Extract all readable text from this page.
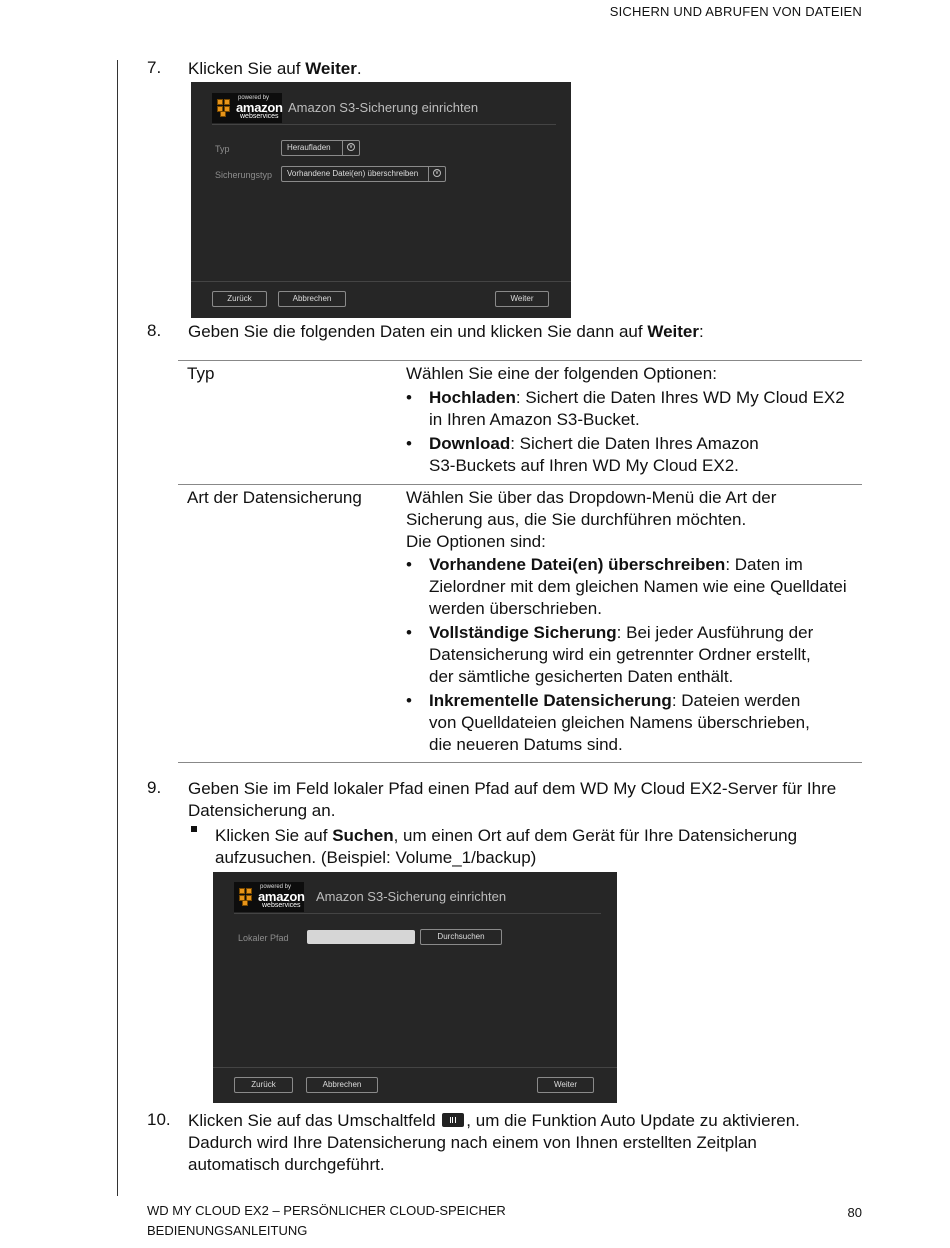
SICHERN UND ABRUFEN VON DATEIEN
7. Klicken Sie auf Weiter.
powered by
amazon
webservices
Amazon S3-Sicherung einrichten
Typ	Heraufladen	v
Sicherungstyp	Vorhandene Datei(en) überschreiben	v
Zurück	Abbrechen	Weiter
8. Geben Sie die folgenden Daten ein und klicken Sie dann auf Weiter:
Typ	Wählen Sie eine der folgenden Optionen:
• Hochladen: Sichert die Daten Ihres WD My Cloud EX2
in Ihren Amazon S3-Bucket.
• Download: Sichert die Daten Ihres Amazon
S3-Buckets auf Ihren WD My Cloud EX2.
Art der Datensicherung	Wählen Sie über das Dropdown-Menü die Art der
Sicherung aus, die Sie durchführen möchten.
Die Optionen sind:
• Vorhandene Datei(en) überschreiben: Daten im
Zielordner mit dem gleichen Namen wie eine Quelldatei
werden überschrieben.
• Vollständige Sicherung: Bei jeder Ausführung der
Datensicherung wird ein getrennter Ordner erstellt,
der sämtliche gesicherten Daten enthält.
• Inkrementelle Datensicherung: Dateien werden
von Quelldateien gleichen Namens überschrieben,
die neueren Datums sind.
9. Geben Sie im Feld lokaler Pfad einen Pfad auf dem WD My Cloud EX2-Server für Ihre
Datensicherung an.
Klicken Sie auf Suchen, um einen Ort auf dem Gerät für Ihre Datensicherung
aufzusuchen. (Beispiel: Volume_1/backup)
powered by
amazon
webservices
Amazon S3-Sicherung einrichten
Lokaler Pfad	Durchsuchen
Zurück	Abbrechen	Weiter
10. Klicken Sie auf das Umschaltfeld
, um die Funktion Auto Update zu aktivieren.
Dadurch wird Ihre Datensicherung nach einem von Ihnen erstellten Zeitplan
automatisch durchgeführt.
WD MY CLOUD EX2 – PERSÖNLICHER CLOUD-SPEICHER
BEDIENUNGSANLEITUNG
80
